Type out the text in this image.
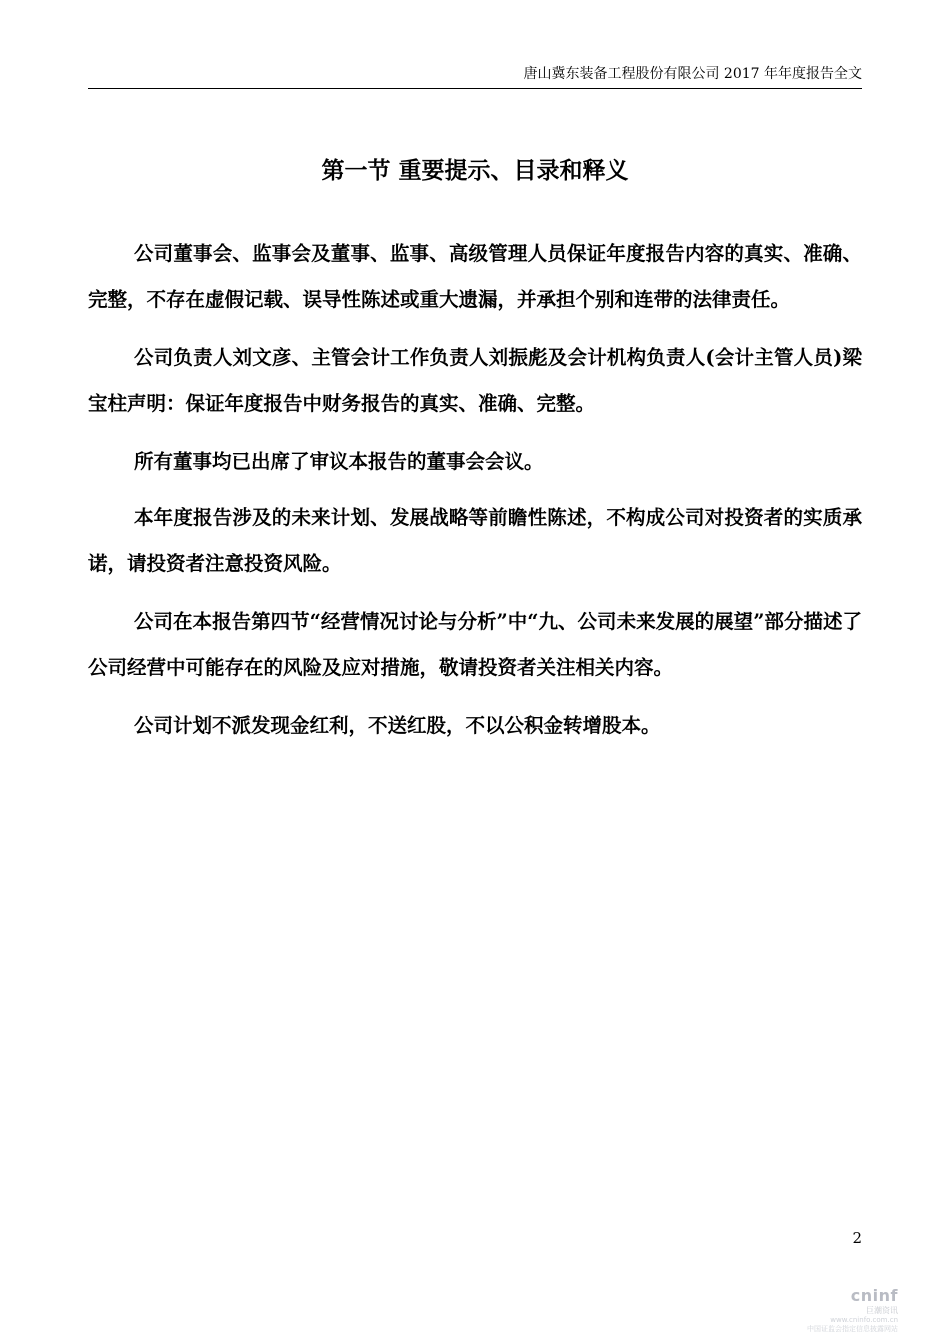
唐山冀东装备工程股份有限公司 2017 年年度报告全文
第一节 重要提示、目录和释义

公司董事会、监事会及董事、监事、高级管理人员保证年度报告内容的真实、准确、完整，不存在虚假记载、误导性陈述或重大遗漏，并承担个别和连带的法律责任。

公司负责人刘文彦、主管会计工作负责人刘振彪及会计机构负责人(会计主管人员)梁宝柱声明：保证年度报告中财务报告的真实、准确、完整。

所有董事均已出席了审议本报告的董事会会议。

本年度报告涉及的未来计划、发展战略等前瞻性陈述，不构成公司对投资者的实质承诺，请投资者注意投资风险。

公司在本报告第四节“经营情况讨论与分析”中“九、公司未来发展的展望”部分描述了公司经营中可能存在的风险及应对措施，敬请投资者关注相关内容。

公司计划不派发现金红利，不送红股，不以公积金转增股本。

2
cninf
巨潮资讯
www.cninfo.com.cn
中国证监会指定信息披露网站
